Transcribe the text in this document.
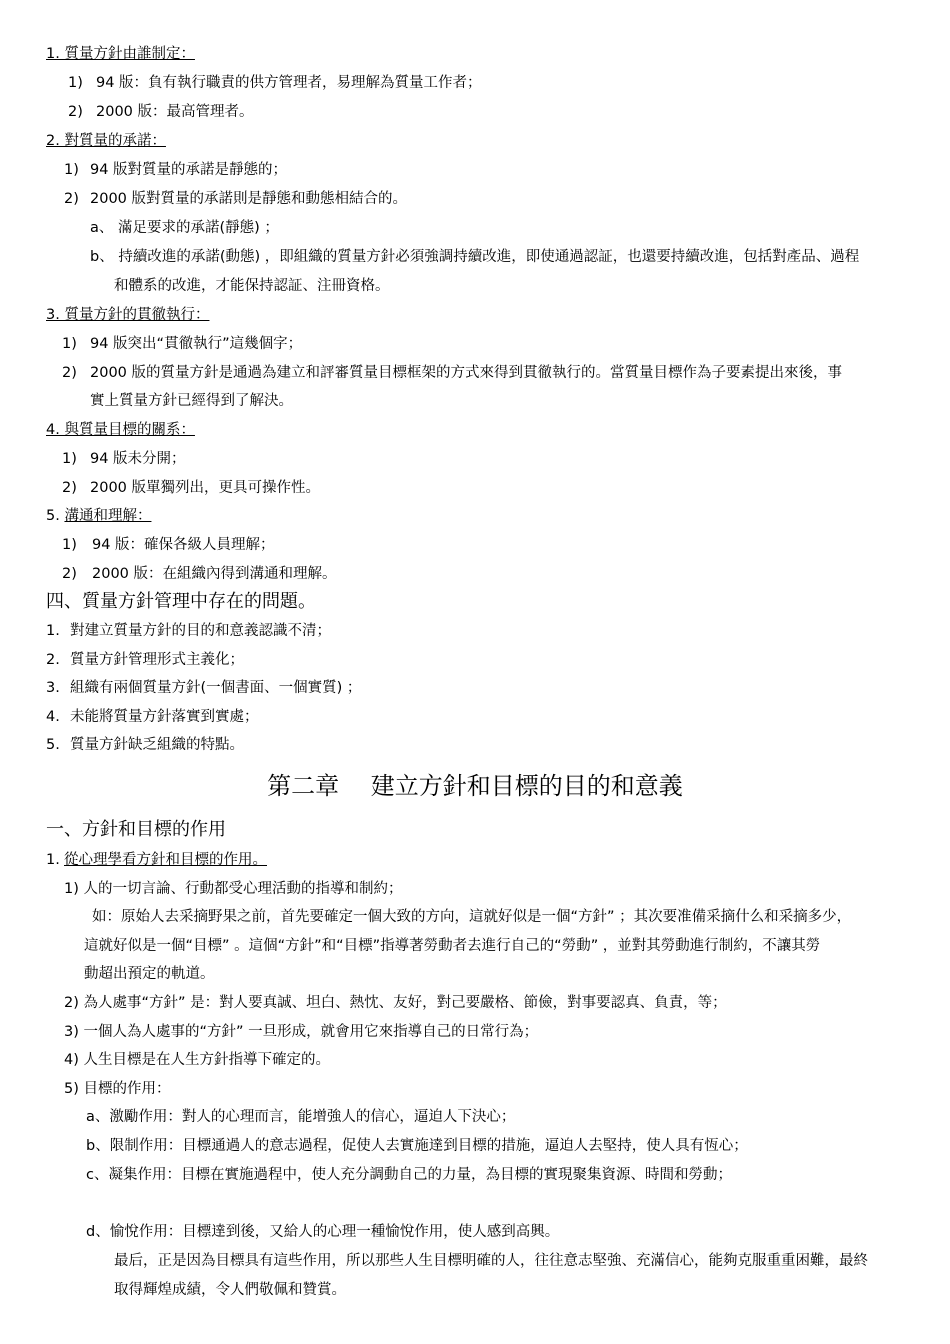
1. 質量方針由誰制定：
1) 94 版：負有執行職責的供方管理者，易理解為質量工作者；
2) 2000 版：最高管理者。
2. 對質量的承諾：
1) 94 版對質量的承諾是靜態的；
2) 2000 版對質量的承諾則是靜態和動態相結合的。
a、 滿足要求的承諾(靜態) ；
b、 持續改進的承諾(動態) ，即組織的質量方針必須強調持續改進，即使通過認証，也還要持續改進，包括對產品、過程
和體系的改進，才能保持認証、注冊資格。
3. 質量方針的貫徹執行：
1) 94 版突出“貫徹執行”這幾個字；
2) 2000 版的質量方針是通過為建立和評審質量目標框架的方式來得到貫徹執行的。當質量目標作為子要素提出來後，事
實上質量方針已經得到了解決。
4. 與質量目標的關系：
1) 94 版未分開；
2) 2000 版單獨列出，更具可操作性。
5. 溝通和理解：
1) 94 版：確保各級人員理解；
2) 2000 版：在組織內得到溝通和理解。
四、質量方針管理中存在的問題。
1. 對建立質量方針的目的和意義認識不清；
2. 質量方針管理形式主義化；
3. 組織有兩個質量方針(一個書面、一個實質) ；
4. 未能將質量方針落實到實處；
5. 質量方針缺乏組織的特點。
第二章　 建立方針和目標的目的和意義
一、方針和目標的作用
1. 從心理學看方針和目標的作用。
1) 人的一切言論、行動都受心理活動的指導和制約；
如：原始人去采摘野果之前，首先要確定一個大致的方向，這就好似是一個“方針” ；其次要准備采摘什么和采摘多少，
這就好似是一個“目標” 。這個“方針”和“目標”指導著勞動者去進行自己的“勞動” ，並對其勞動進行制約，不讓其勞
動超出預定的軌道。
2) 為人處事“方針” 是：對人要真誠、坦白、熱忱、友好，對己要嚴格、節儉，對事要認真、負責，等；
3) 一個人為人處事的“方針” 一旦形成，就會用它來指導自己的日常行為；
4) 人生目標是在人生方針指導下確定的。
5) 目標的作用：
a、激勵作用：對人的心理而言，能增強人的信心，逼迫人下決心；
b、限制作用：目標通過人的意志過程，促使人去實施達到目標的措施，逼迫人去堅持，使人具有恆心；
c、凝集作用：目標在實施過程中，使人充分調動自己的力量，為目標的實現聚集資源、時間和勞動；
d、愉悅作用：目標達到後，又給人的心理一種愉悅作用，使人感到高興。
最后，正是因為目標具有這些作用，所以那些人生目標明確的人，往往意志堅強、充滿信心，能夠克服重重困難，最終
取得輝煌成績，令人們敬佩和贊賞。
